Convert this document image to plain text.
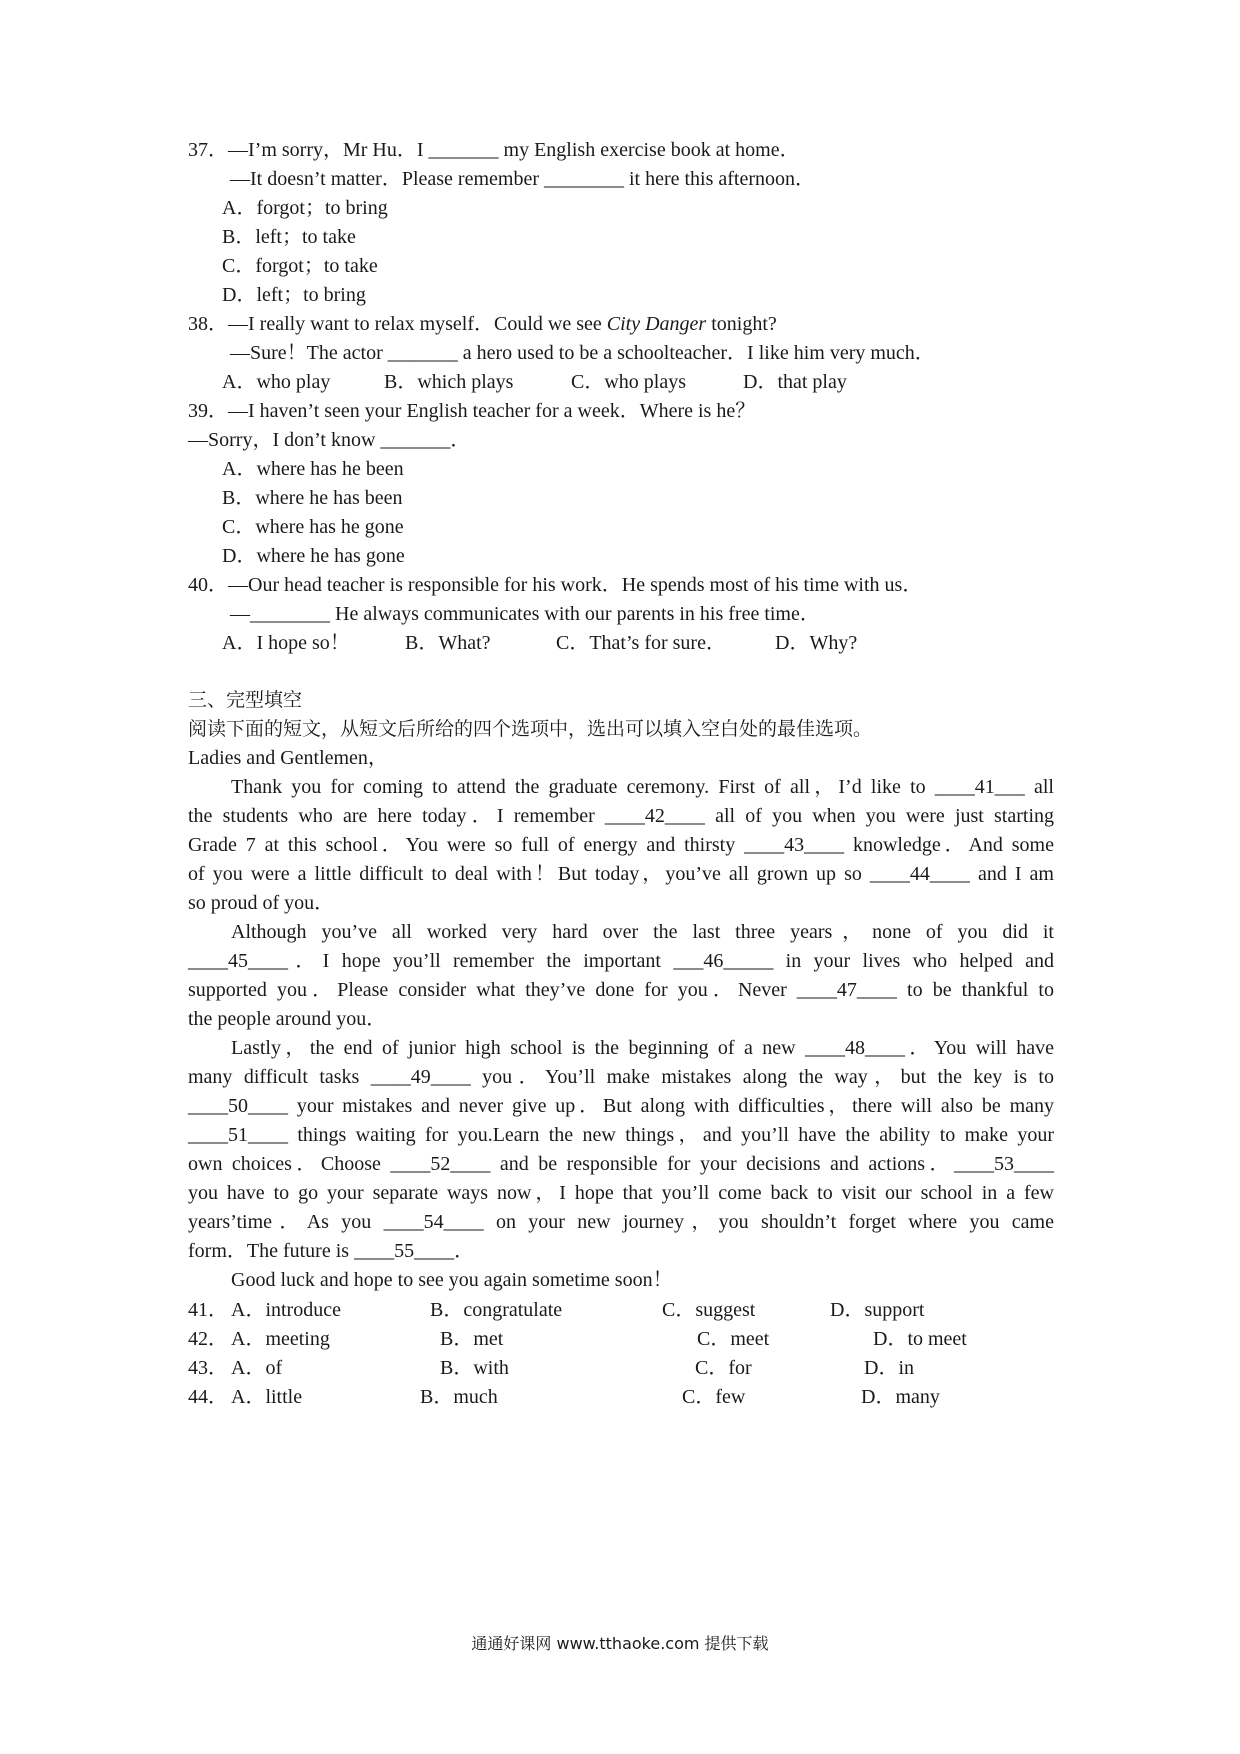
37．—I’m sorry，Mr Hu．I _______ my English exercise book at home．
—It doesn’t matter．Please remember ________ it here this afternoon．
A．forgot；to bring
B．left；to take
C．forgot；to take
D．left；to bring
38．—I really want to relax myself．Could we see City Danger tonight?
—Sure！The actor _______ a hero used to be a schoolteacher．I like him very much．
A．who play	B．which plays	C．who plays	D．that play
39．—I haven’t seen your English teacher for a week．Where is he？
—Sorry，I don’t know _______．
A．where has he been
B．where he has been
C．where has he gone
D．where he has gone
40．—Our head teacher is responsible for his work．He spends most of his time with us．
—________ He always communicates with our parents in his free time．
A．I hope so！	B．What?	C．That’s for sure． D．Why?
三、完型填空
阅读下面的短文，从短文后所给的四个选项中，选出可以填入空白处的最佳选项。
Ladies and Gentlemen，
Thank you for coming to attend the graduate ceremony. First of all，I’d like to ____41___ all
the students who are here today．I remember ____42____ all of you when you were just starting
Grade 7 at this school．You were so full of energy and thirsty ____43____ knowledge．And some
of you were a little difficult to deal with！But today，you’ve all grown up so ____44____ and I am
so proud of you．
Although you’ve all worked very hard over the last three years，none of you did it
____45____．I hope you’ll remember the important ___46_____ in your lives who helped and
supported you．Please consider what they’ve done for you．Never ____47____ to be thankful to
the people around you．
Lastly，the end of junior high school is the beginning of a new ____48____．You will have
many difficult tasks ____49____ you．You’ll make mistakes along the way，but the key is to
____50____ your mistakes and never give up．But along with difficulties，there will also be many
____51____ things waiting for you.Learn the new things，and you’ll have the ability to make your
own choices．Choose ____52____ and be responsible for your decisions and actions．____53____
you have to go your separate ways now，I hope that you’ll come back to visit our school in a few
years’time．As you ____54____ on your new journey，you shouldn’t forget where you came
form．The future is ____55____．
Good luck and hope to see you again sometime soon！
41． A．introduce	B．congratulate	C．suggest	D．support
42． A．meeting	B．met	C．meet	D．to meet
43． A．of	B．with	C．for	D．in
44． A．little	B．much	C．few	D．many
通通好课网 www.tthaoke.com 提供下载
